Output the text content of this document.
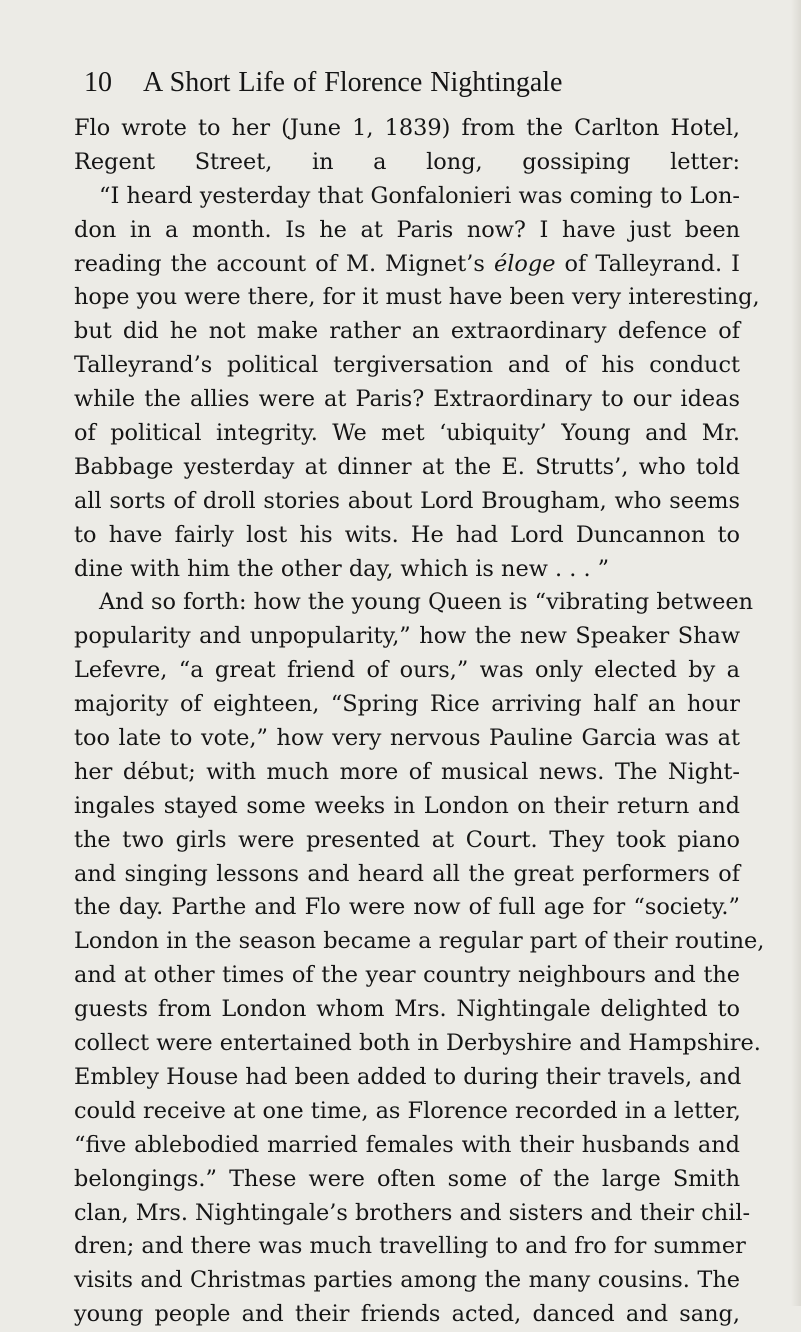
10 A Short Life of Florence Nightingale
Flo wrote to her (June 1, 1839) from the Carlton Hotel,
Regent Street, in a long, gossiping letter:
“I heard yesterday that Gonfalonieri was coming to Lon-
don in a month. Is he at Paris now? I have just been
reading the account of M. Mignet’s éloge of Talleyrand. I
hope you were there, for it must have been very interesting,
but did he not make rather an extraordinary defence of
Talleyrand’s political tergiversation and of his conduct
while the allies were at Paris? Extraordinary to our ideas
of political integrity. We met ‘ubiquity’ Young and Mr.
Babbage yesterday at dinner at the E. Strutts’, who told
all sorts of droll stories about Lord Brougham, who seems
to have fairly lost his wits. He had Lord Duncannon to
dine with him the other day, which is new . . . ”
And so forth: how the young Queen is “vibrating between
popularity and unpopularity,” how the new Speaker Shaw
Lefevre, “a great friend of ours,” was only elected by a
majority of eighteen, “Spring Rice arriving half an hour
too late to vote,” how very nervous Pauline Garcia was at
her début; with much more of musical news. The Night-
ingales stayed some weeks in London on their return and
the two girls were presented at Court. They took piano
and singing lessons and heard all the great performers of
the day. Parthe and Flo were now of full age for “society.”
London in the season became a regular part of their routine,
and at other times of the year country neighbours and the
guests from London whom Mrs. Nightingale delighted to
collect were entertained both in Derbyshire and Hampshire.
Embley House had been added to during their travels, and
could receive at one time, as Florence recorded in a letter,
“five ablebodied married females with their husbands and
belongings.” These were often some of the large Smith
clan, Mrs. Nightingale’s brothers and sisters and their chil-
dren; and there was much travelling to and fro for summer
visits and Christmas parties among the many cousins. The
young people and their friends acted, danced and sang,
